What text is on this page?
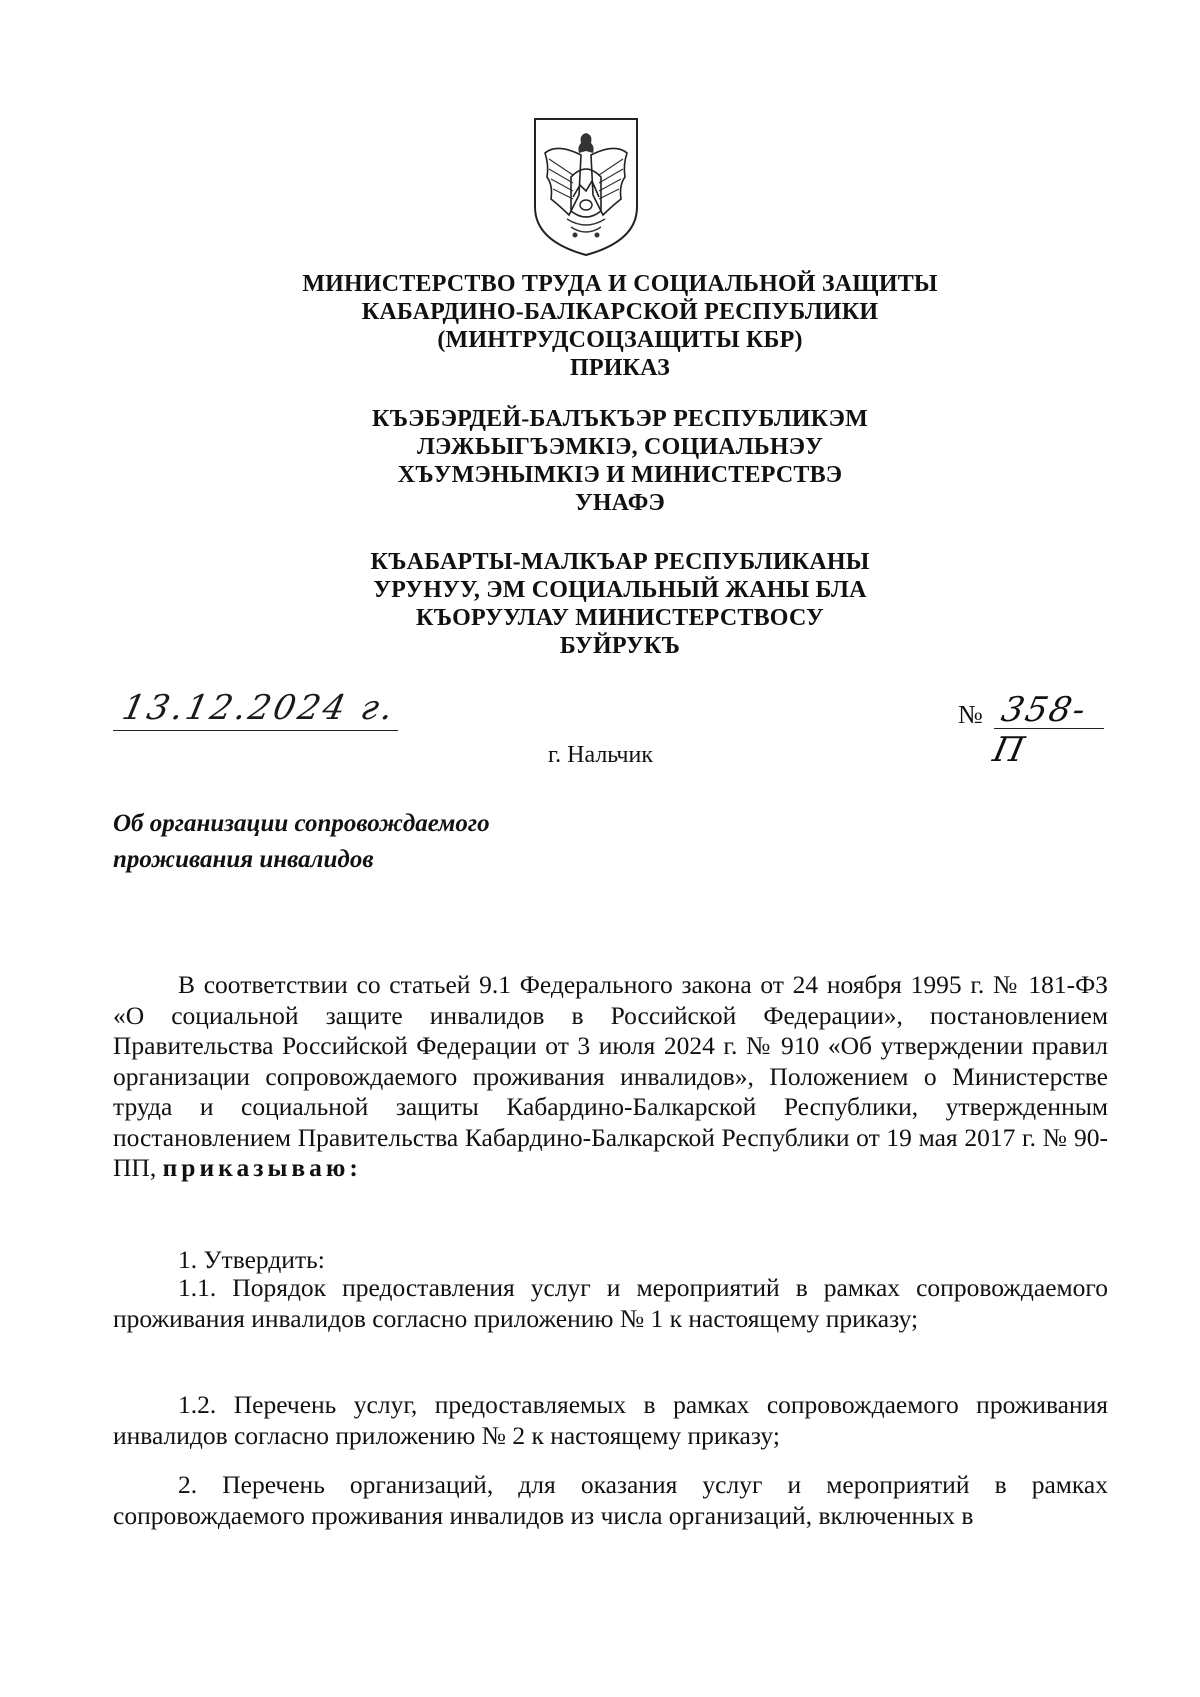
МИНИСТЕРСТВО ТРУДА И СОЦИАЛЬНОЙ ЗАЩИТЫ
КАБАРДИНО-БАЛКАРСКОЙ РЕСПУБЛИКИ
(МИНТРУДСОЦЗАЩИТЫ КБР)
ПРИКАЗ
КЪЭБЭРДЕЙ-БАЛЪКЪЭР РЕСПУБЛИКЭМ
ЛЭЖЬЫГЪЭМКIЭ, СОЦИАЛЬНЭУ
ХЪУМЭНЫМКIЭ И МИНИСТЕРСТВЭ
УНАФЭ
КЪАБАРТЫ-МАЛКЪАР РЕСПУБЛИКАНЫ
УРУНУУ, ЭМ СОЦИАЛЬНЫЙ ЖАНЫ БЛА
КЪОРУУЛАУ МИНИСТЕРСТВОСУ
БУЙРУКЪ
13.12.2024 г.	№ 358-П
г. Нальчик
Об организации сопровождаемого
проживания инвалидов
В соответствии со статьей 9.1 Федерального закона от 24 ноября 1995 г. № 181-ФЗ «О социальной защите инвалидов в Российской Федерации», постановлением Правительства Российской Федерации от 3 июля 2024 г. № 910 «Об утверждении правил организации сопровождаемого проживания инвалидов», Положением о Министерстве труда и социальной защиты Кабардино-Балкарской Республики, утвержденным постановлением Правительства Кабардино-Балкарской Республики от 19 мая 2017 г. № 90-ПП, приказываю:
1. Утвердить:
1.1. Порядок предоставления услуг и мероприятий в рамках сопровождаемого проживания инвалидов согласно приложению № 1 к настоящему приказу;
1.2. Перечень услуг, предоставляемых в рамках сопровождаемого проживания инвалидов согласно приложению № 2 к настоящему приказу;
2. Перечень организаций, для оказания услуг и мероприятий в рамках сопровождаемого проживания инвалидов из числа организаций, включенных в
